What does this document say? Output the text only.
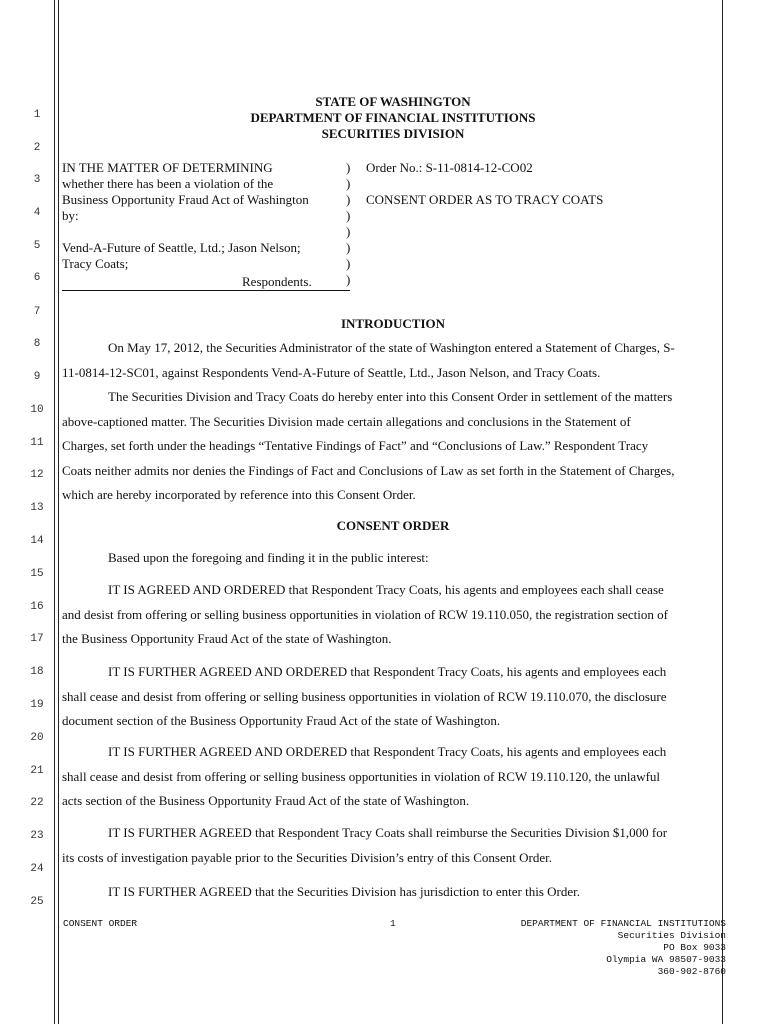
1
2
3
4
5
6
7
8
9
10
11
12
13
14
15
16
17
18
19
20
21
22
23
24
25
STATE OF WASHINGTON
DEPARTMENT OF FINANCIAL INSTITUTIONS
SECURITIES DIVISION
IN THE MATTER OF DETERMINING
whether there has been a violation of the
Business Opportunity Fraud Act of Washington
by:
Vend-A-Future of Seattle, Ltd.; Jason Nelson;
Tracy Coats;
Respondents.
)
)
)
)
)
)
)
)
Order No.: S-11-0814-12-CO02
CONSENT ORDER AS TO TRACY COATS
INTRODUCTION
On May 17, 2012, the Securities Administrator of the state of Washington entered a Statement of Charges, S-
11-0814-12-SC01, against Respondents Vend-A-Future of Seattle, Ltd., Jason Nelson, and Tracy Coats.
The Securities Division and Tracy Coats do hereby enter into this Consent Order in settlement of the matters
above-captioned matter. The Securities Division made certain allegations and conclusions in the Statement of
Charges, set forth under the headings “Tentative Findings of Fact” and “Conclusions of Law.” Respondent Tracy
Coats neither admits nor denies the Findings of Fact and Conclusions of Law as set forth in the Statement of Charges,
which are hereby incorporated by reference into this Consent Order.
CONSENT ORDER
Based upon the foregoing and finding it in the public interest:
IT IS AGREED AND ORDERED that Respondent Tracy Coats, his agents and employees each shall cease
and desist from offering or selling business opportunities in violation of RCW 19.110.050, the registration section of
the Business Opportunity Fraud Act of the state of Washington.
IT IS FURTHER AGREED AND ORDERED that Respondent Tracy Coats, his agents and employees each
shall cease and desist from offering or selling business opportunities in violation of RCW 19.110.070, the disclosure
document section of the Business Opportunity Fraud Act of the state of Washington.
IT IS FURTHER AGREED AND ORDERED that Respondent Tracy Coats, his agents and employees each
shall cease and desist from offering or selling business opportunities in violation of RCW 19.110.120, the unlawful
acts section of the Business Opportunity Fraud Act of the state of Washington.
IT IS FURTHER AGREED that Respondent Tracy Coats shall reimburse the Securities Division $1,000 for
its costs of investigation payable prior to the Securities Division’s entry of this Consent Order.
IT IS FURTHER AGREED that the Securities Division has jurisdiction to enter this Order.
CONSENT ORDER	1	DEPARTMENT OF FINANCIAL INSTITUTIONS
Securities Division
PO Box 9033
Olympia WA 98507-9033
360-902-8760
